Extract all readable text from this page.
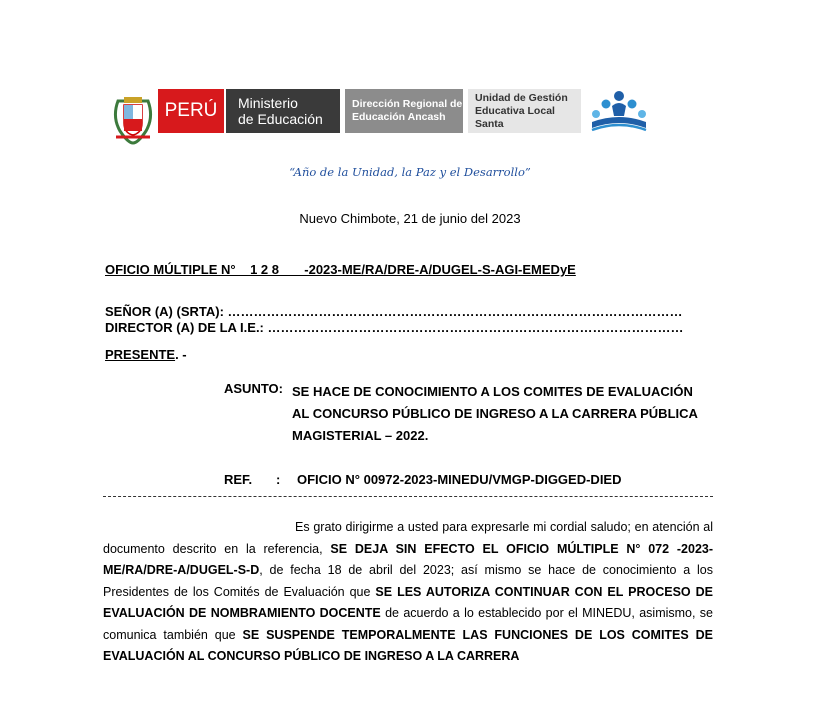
PERÚ Ministerio
de Educación
Dirección Regional de
Educación Ancash
Unidad de Gestión
Educativa Local Santa
“Año de la Unidad, la Paz y el Desarrollo”
Nuevo Chimbote, 21 de junio del 2023
OFICIO MÚLTIPLE N°    1 2 8       -2023-ME/RA/DRE-A/DUGEL-S-AGI-EMEDyE
SEÑOR (A) (SRTA): ……………………………………………………………………………………………
DIRECTOR (A) DE LA I.E.: ……………………………………………………………………………………
PRESENTE. -
ASUNTO: SE HACE DE CONOCIMIENTO A LOS COMITES DE EVALUACIÓN AL CONCURSO PÚBLICO DE INGRESO A LA CARRERA PÚBLICA MAGISTERIAL – 2022.
REF. : OFICIO N° 00972-2023-MINEDU/VMGP-DIGGED-DIED

Es grato dirigirme a usted para expresarle mi cordial saludo; en atención al documento descrito en la referencia, SE DEJA SIN EFECTO EL OFICIO MÚLTIPLE N° 072 -2023-ME/RA/DRE-A/DUGEL-S-D, de fecha 18 de abril del 2023; así mismo se hace de conocimiento a los Presidentes de los Comités de Evaluación que SE LES AUTORIZA CONTINUAR CON EL PROCESO DE EVALUACIÓN DE NOMBRAMIENTO DOCENTE de acuerdo a lo establecido por el MINEDU, asimismo, se comunica también que SE SUSPENDE TEMPORALMENTE LAS FUNCIONES DE LOS COMITES DE EVALUACIÓN AL CONCURSO PÚBLICO DE INGRESO A LA CARRERA
